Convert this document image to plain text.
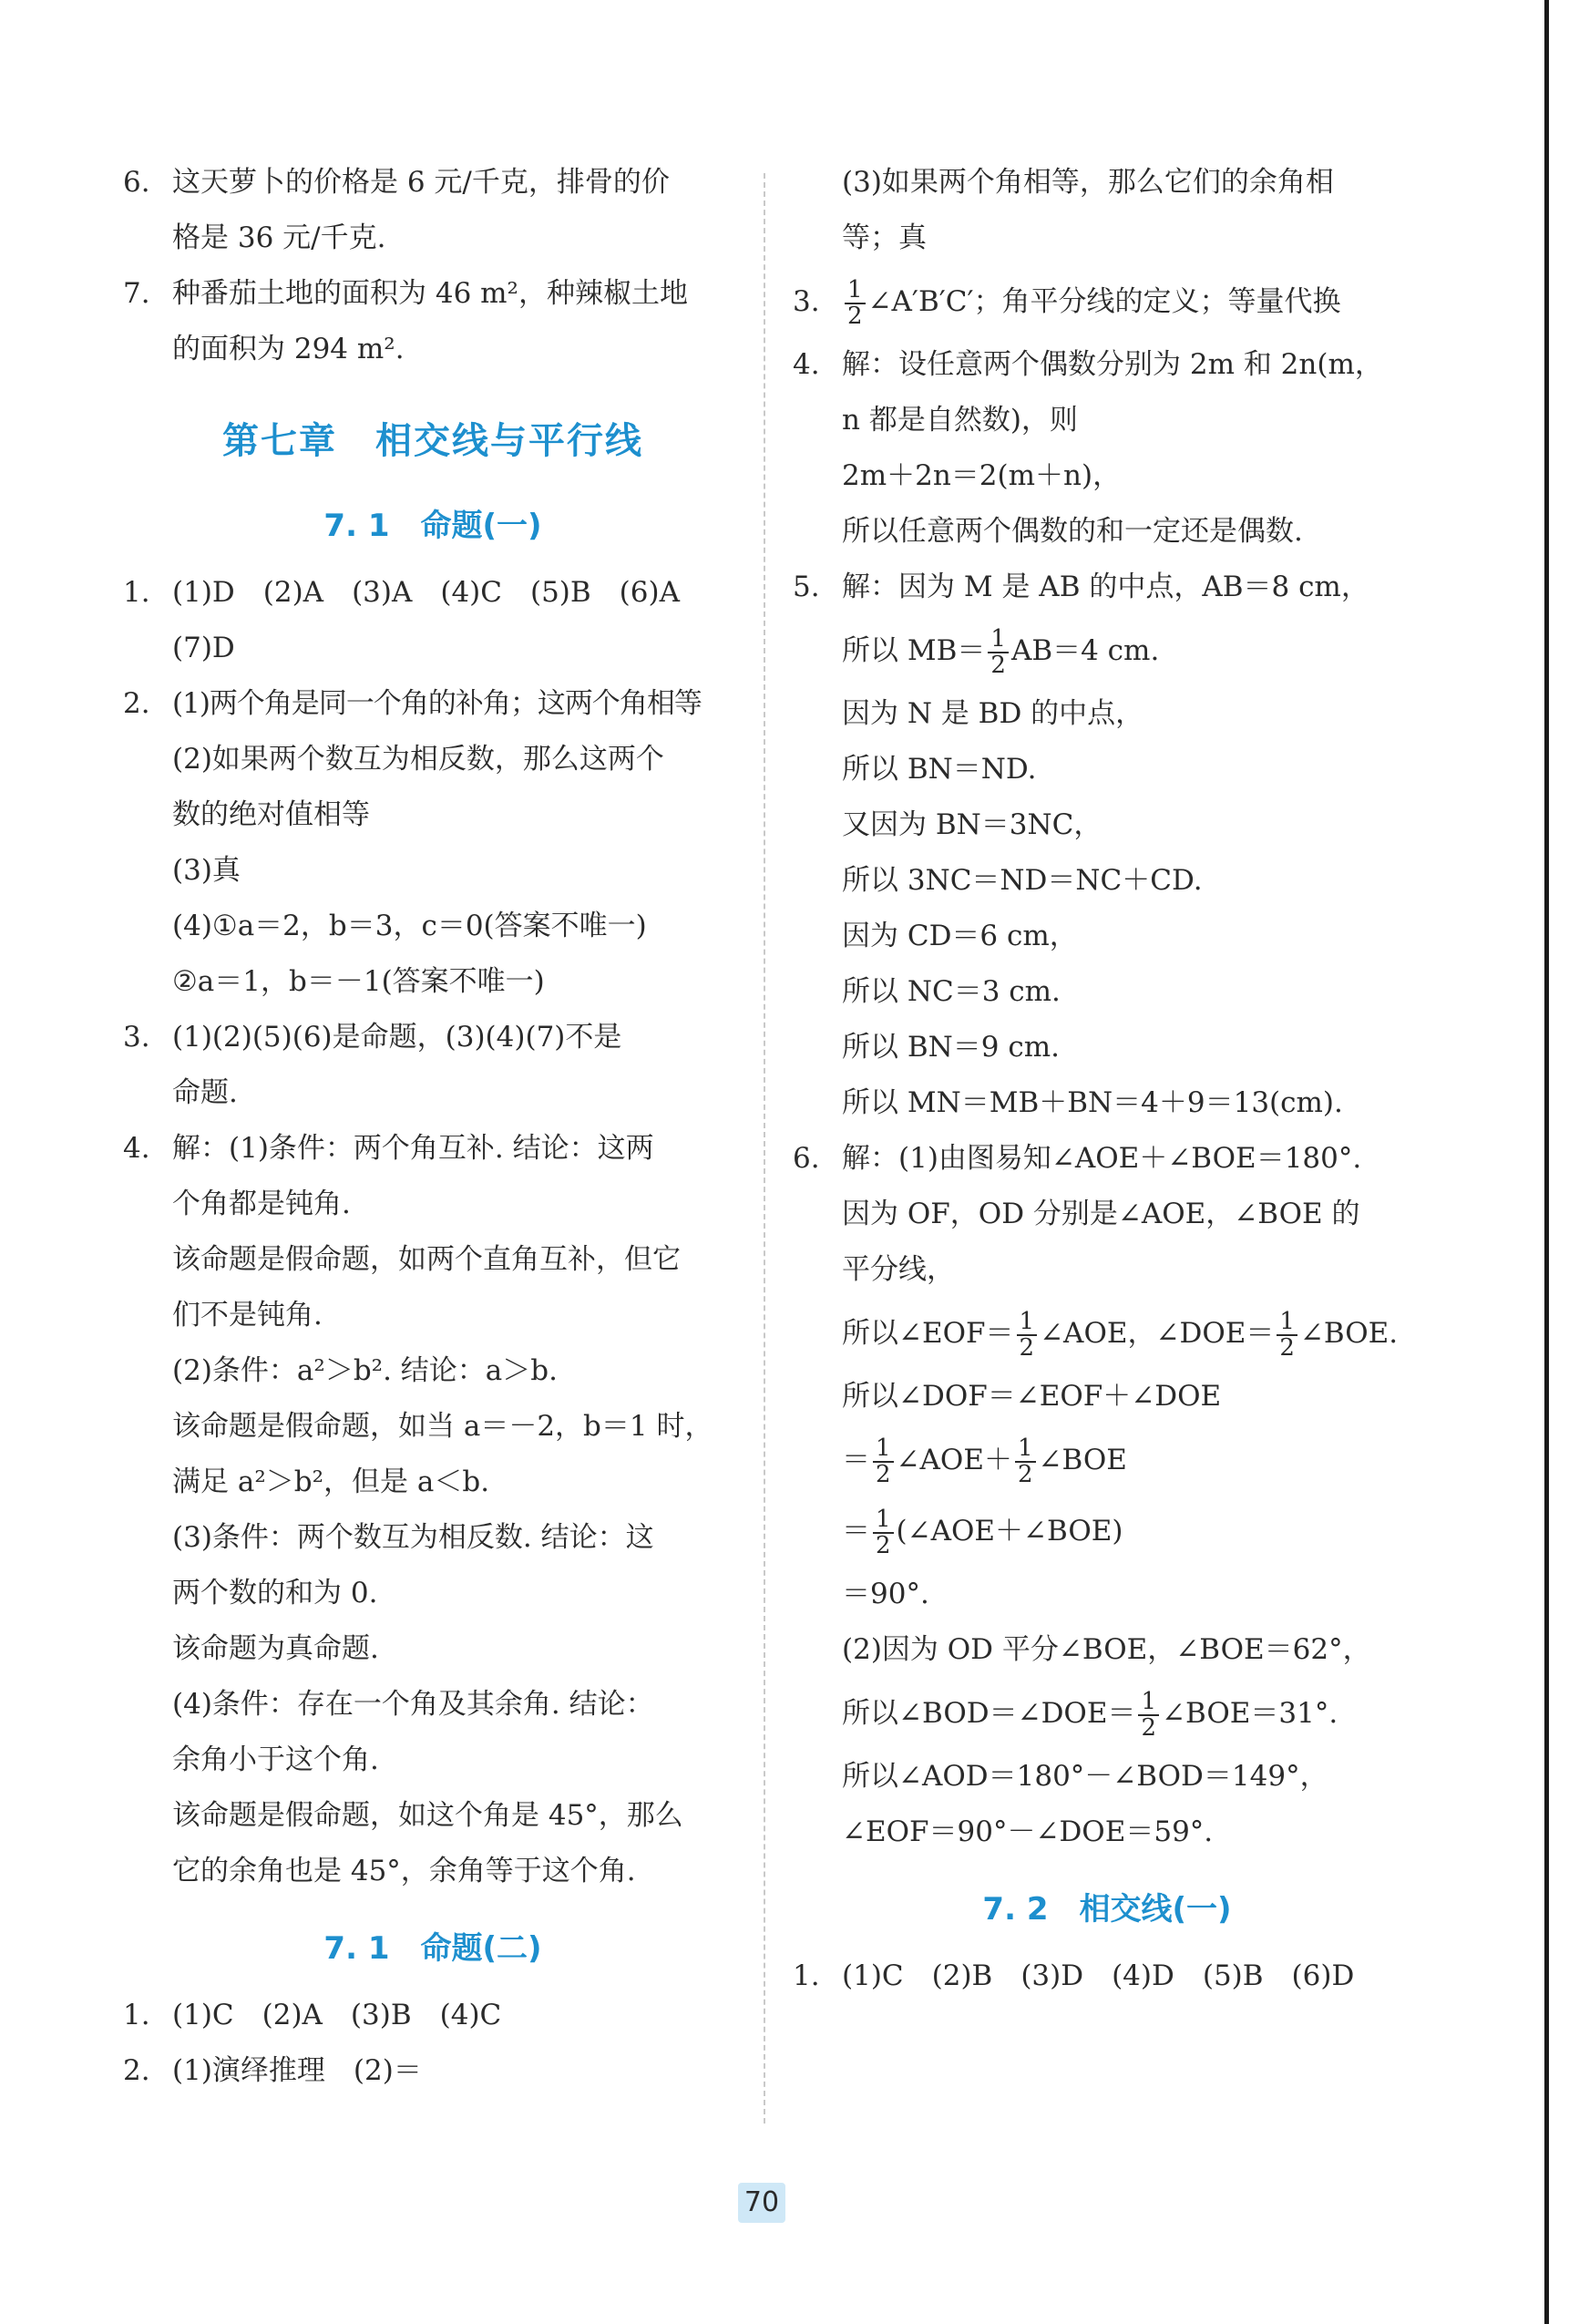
6. 这天萝卜的价格是 6 元/千克，排骨的价
格是 36 元/千克.
7. 种番茄土地的面积为 46 m²，种辣椒土地
的面积为 294 m².
第七章　相交线与平行线
7. 1　命题(一)
1. (1)D　(2)A　(3)A　(4)C　(5)B　(6)A
(7)D
2. (1)两个角是同一个角的补角；这两个角相等
(2)如果两个数互为相反数，那么这两个
数的绝对值相等
(3)真
(4)①a＝2，b＝3，c＝0(答案不唯一)
②a＝1，b＝－1(答案不唯一)
3. (1)(2)(5)(6)是命题，(3)(4)(7)不是
命题.
4. 解：(1)条件：两个角互补. 结论：这两
个角都是钝角.
该命题是假命题，如两个直角互补，但它
们不是钝角.
(2)条件：a²＞b². 结论：a＞b.
该命题是假命题，如当 a＝－2，b＝1 时，
满足 a²＞b²，但是 a＜b.
(3)条件：两个数互为相反数. 结论：这
两个数的和为 0.
该命题为真命题.
(4)条件：存在一个角及其余角. 结论：
余角小于这个角.
该命题是假命题，如这个角是 45°，那么
它的余角也是 45°，余角等于这个角.
7. 1　命题(二)
1. (1)C　(2)A　(3)B　(4)C
2. (1)演绎推理　(2)＝
(3)如果两个角相等，那么它们的余角相
等；真
3.	$\frac{1}{2}$ ∠A′B′C′；角平分线的定义；等量代换
4. 解：设任意两个偶数分别为 2m 和 2n(m，
n 都是自然数)，则
2m＋2n＝2(m＋n)，
所以任意两个偶数的和一定还是偶数.
5. 解：因为 M 是 AB 的中点，AB＝8 cm，
所以 $MB= \frac{1}{2} AB=4$ cm.
因为 N 是 BD 的中点，
所以 BN＝ND.
又因为 BN＝3NC，
所以 3NC＝ND＝NC＋CD.
因为 CD＝6 cm，
所以 NC＝3 cm.
所以 BN＝9 cm.
所以 MN＝MB＋BN＝4＋9＝13(cm).
6. 解：(1)由图易知∠AOE＋∠BOE＝180°.
因为 OF，OD 分别是∠AOE，∠BOE 的
平分线，
所以∠EOF＝ $\frac{1}{2}$ ∠AOE，∠DOE＝ $\frac{1}{2}$ ∠BOE.
所以∠DOF＝∠EOF＋∠DOE
＝ $\frac{1}{2}$ ∠AOE＋ $\frac{1}{2}$ ∠BOE
＝ $\frac{1}{2}$ (∠AOE＋∠BOE)
＝90°.
(2)因为 OD 平分∠BOE，∠BOE＝62°，
所以∠BOD＝∠DOE＝ $\frac{1}{2}$ ∠BOE＝31°.
所以∠AOD＝180°－∠BOD＝149°，
∠EOF＝90°－∠DOE＝59°.
7. 2　相交线(一)
1. (1)C　(2)B　(3)D　(4)D　(5)B　(6)D
70
